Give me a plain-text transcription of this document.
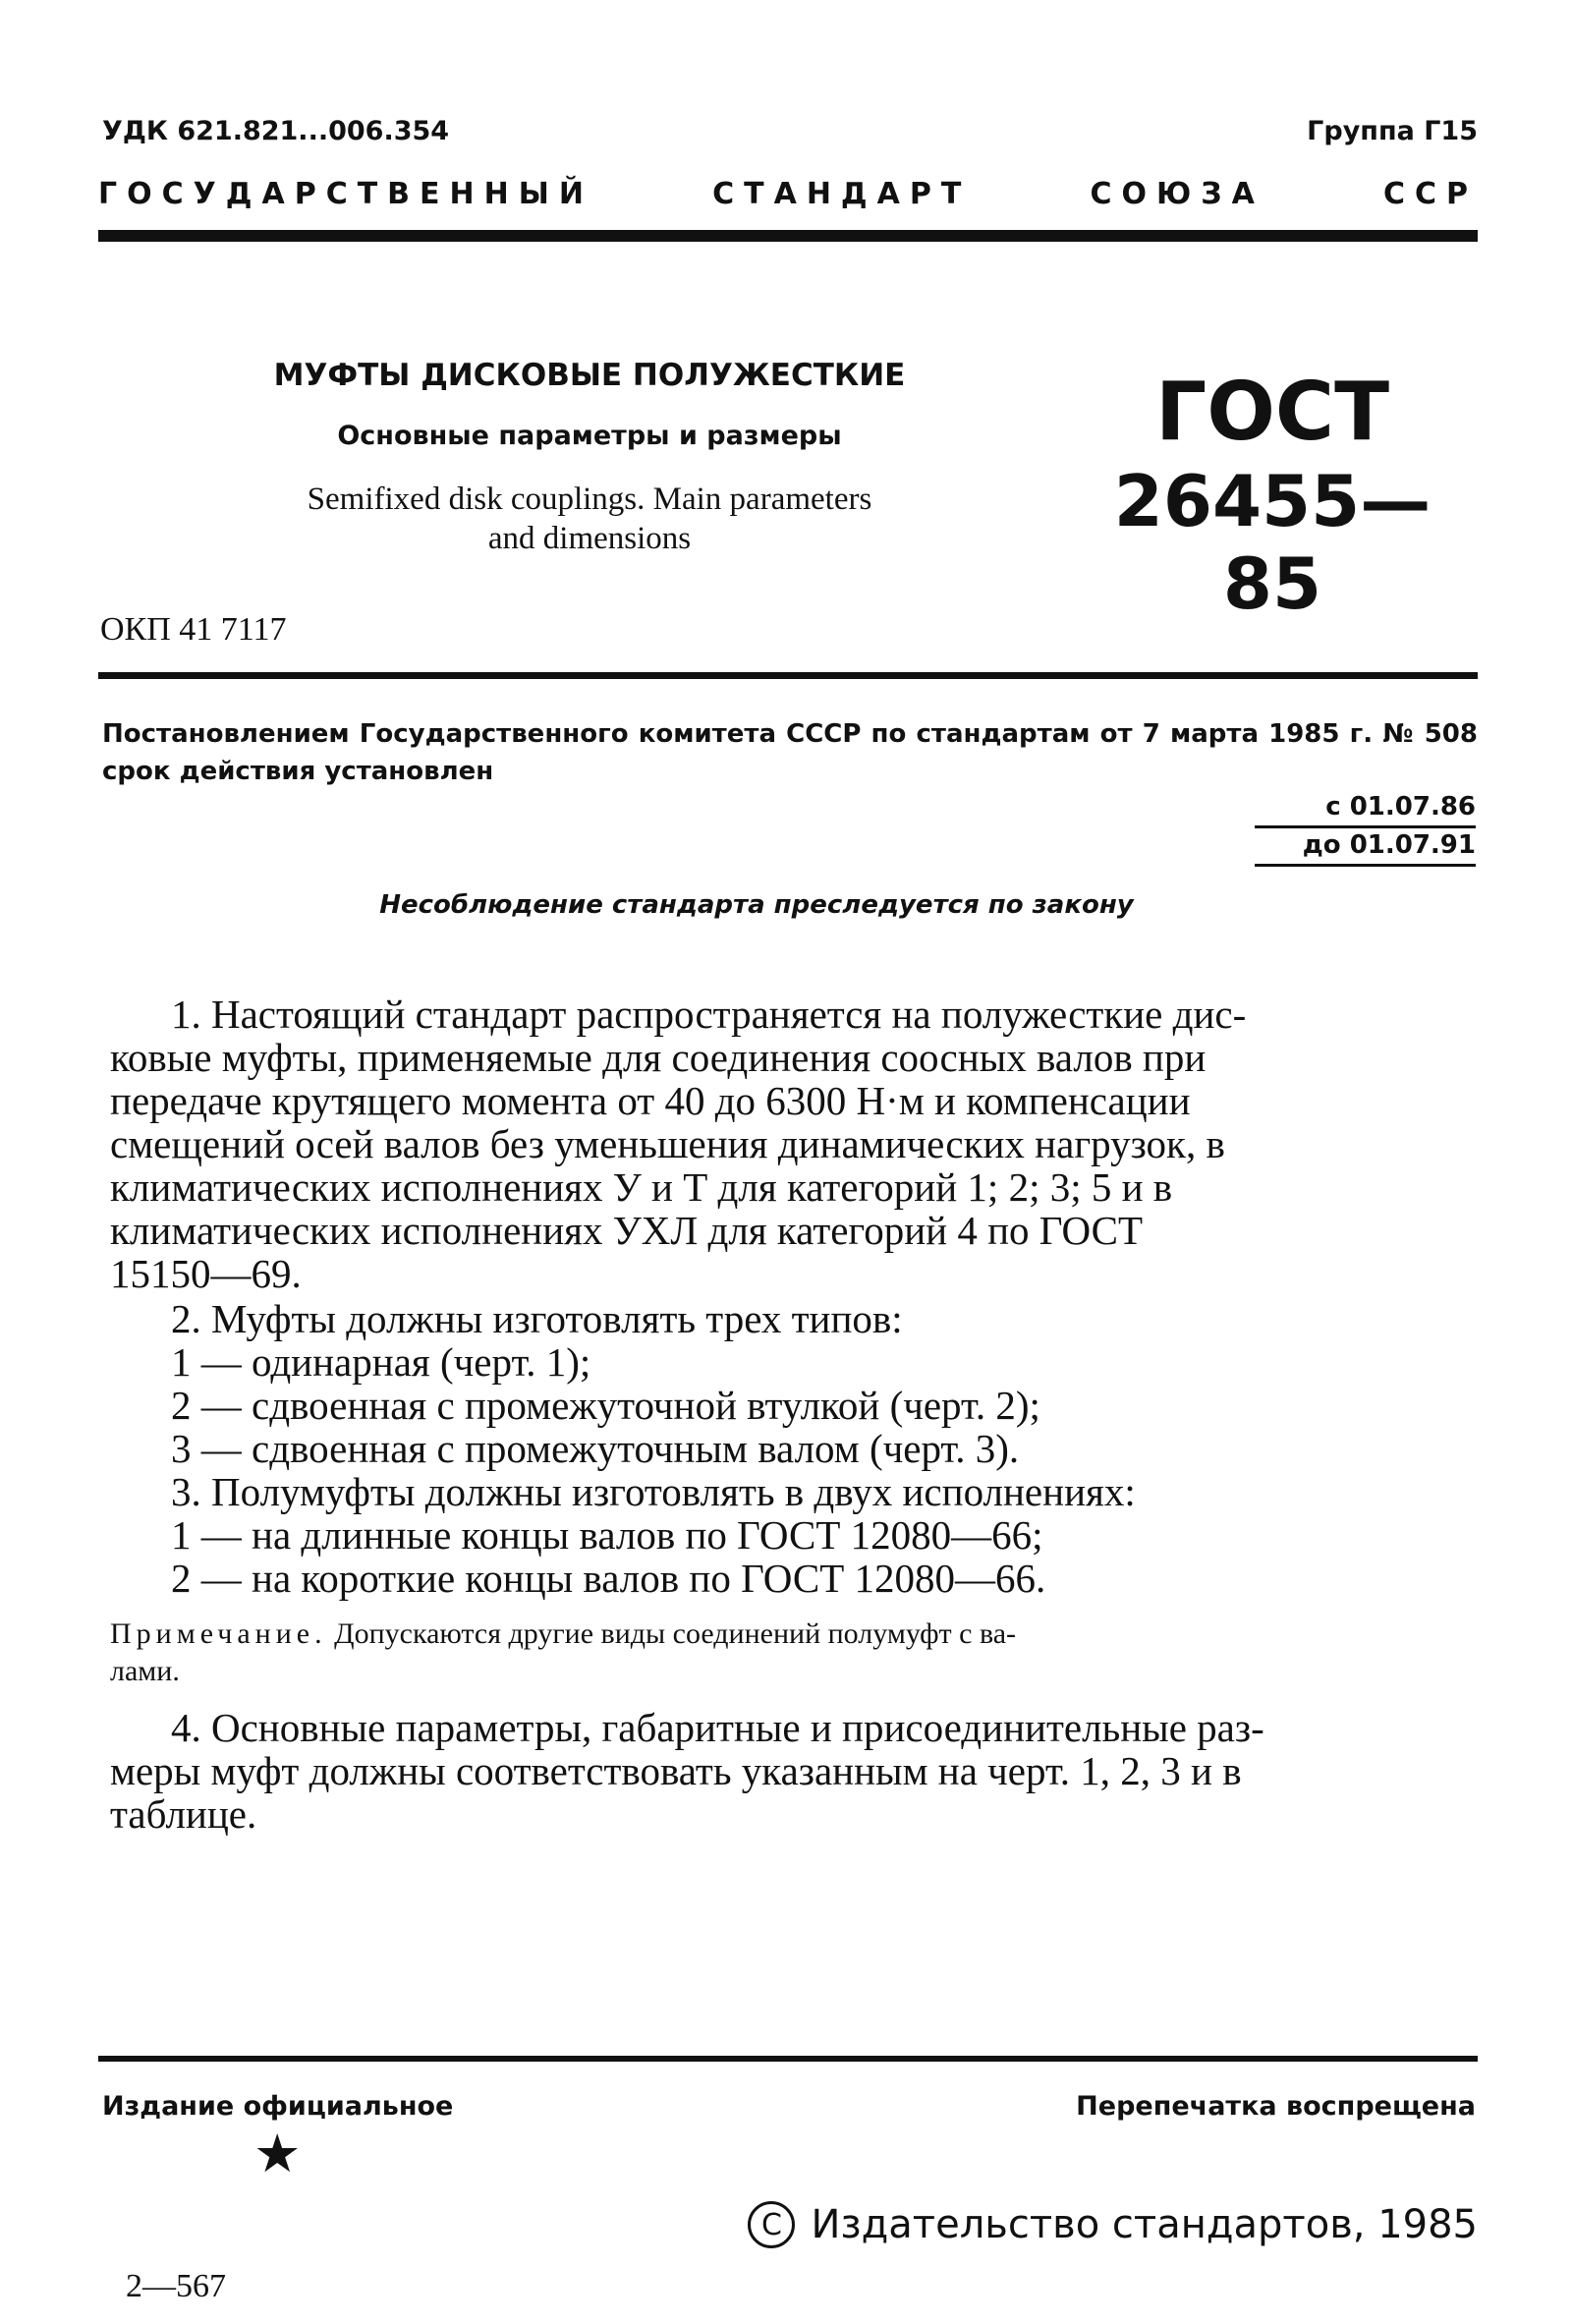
УДК 621.821...006.354	Группа Г15
ГОСУДАРСТВЕННЫЙ	СТАНДАРТ	СОЮЗА	ССР
МУФТЫ ДИСКОВЫЕ ПОЛУЖЕСТКИЕ
Основные параметры и размеры
Semifixed disk couplings. Main parameters
and dimensions
ГОСТ
26455—85
ОКП 41 7117
Постановлением Государственного комитета СССР по стандартам от 7 марта 1985 г. № 508 срок действия установлен
с 01.07.86
до 01.07.91
Несоблюдение стандарта преследуется по закону
1. Настоящий стандарт распространяется на полужесткие дис-
ковые муфты, применяемые для соединения соосных валов при
передаче крутящего момента от 40 до 6300 Н·м и компенсации
смещений осей валов без уменьшения динамических нагрузок, в
климатических исполнениях У и Т для категорий 1; 2; 3; 5 и в
климатических исполнениях УХЛ для категорий 4 по ГОСТ
15150—69.
2. Муфты должны изготовлять трех типов:
1 — одинарная (черт. 1);
2 — сдвоенная с промежуточной втулкой (черт. 2);
3 — сдвоенная с промежуточным валом (черт. 3).
3. Полумуфты должны изготовлять в двух исполнениях:
1 — на длинные концы валов по ГОСТ 12080—66;
2 — на короткие концы валов по ГОСТ 12080—66.
Примечание. Допускаются другие виды соединений полумуфт с ва-
лами.
4. Основные параметры, габаритные и присоединительные раз-
меры муфт должны соответствовать указанным на черт. 1, 2, 3 и в
таблице.
Издание официальное	Перепечатка воспрещена
★
C Издательство стандартов, 1985
2—567
